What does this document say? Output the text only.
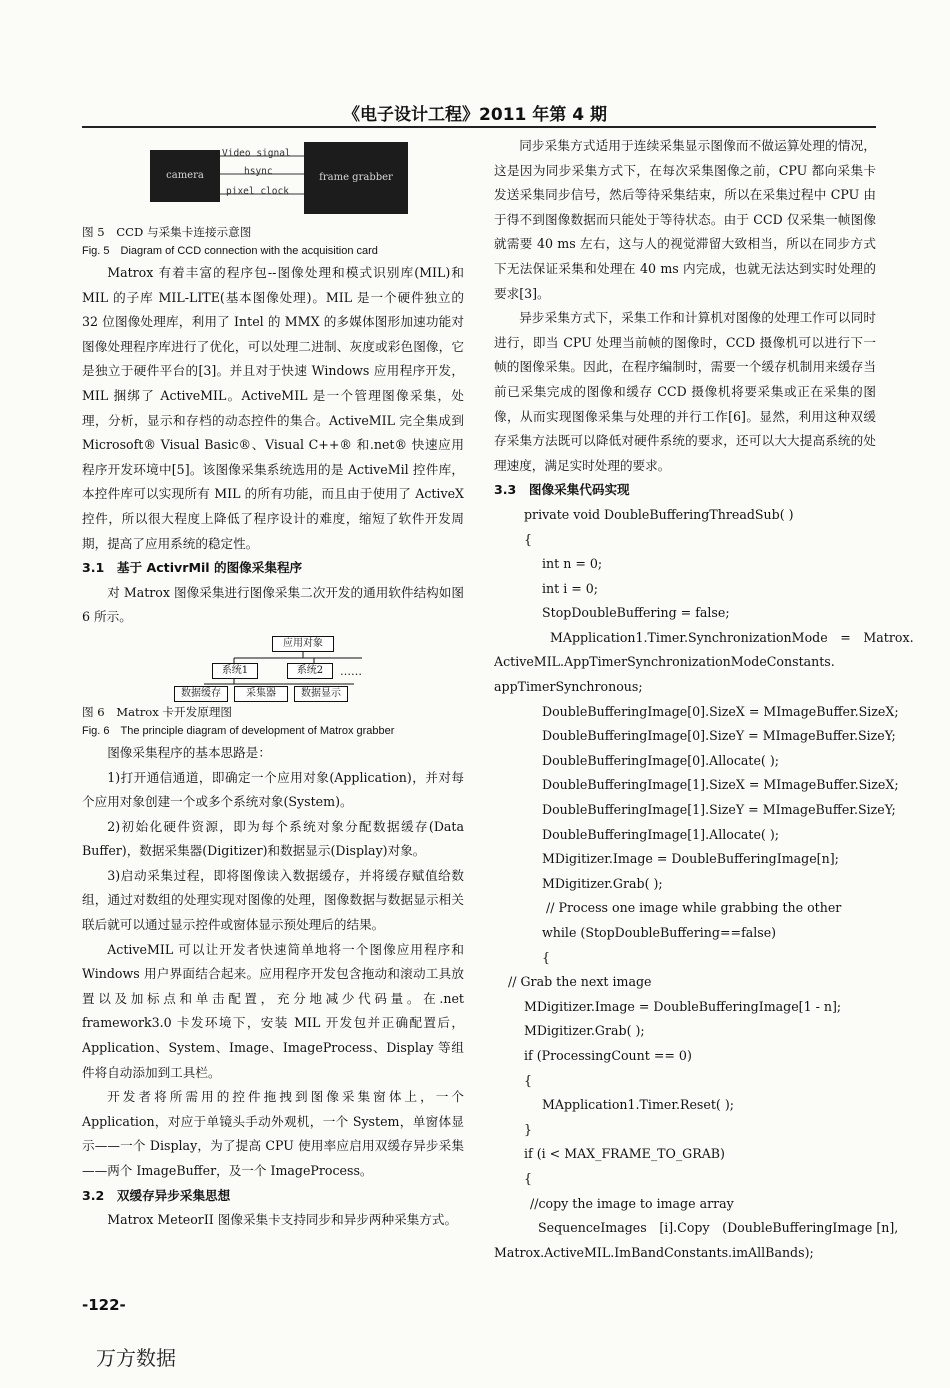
《电子设计工程》2011 年第 4 期
camera	frame grabber
Video signal
hsync
pixel clock

图 5　CCD 与采集卡连接示意图

Fig. 5　Diagram of CCD connection with the acquisition card

Matrox 有着丰富的程序包--图像处理和模式识别库(MIL)和 MIL 的子库 MIL-LITE(基本图像处理)。MIL 是一个硬件独立的 32 位图像处理库，利用了 Intel 的 MMX 的多媒体图形加速功能对图像处理程序库进行了优化，可以处理二进制、灰度或彩色图像，它是独立于硬件平台的[3]。并且对于快速 Windows 应用程序开发，MIL 捆绑了 ActiveMIL。ActiveMIL 是一个管理图像采集，处理，分析，显示和存档的动态控件的集合。ActiveMIL 完全集成到 Microsoft® Visual Basic®、Visual C++® 和.net® 快速应用程序开发环境中[5]。该图像采集系统选用的是 ActiveMil 控件库，本控件库可以实现所有 MIL 的所有功能，而且由于使用了 ActiveX 控件，所以很大程度上降低了程序设计的难度，缩短了软件开发周期，提高了应用系统的稳定性。

3.1　基于 ActivrMil 的图像采集程序

对 Matrox 图像采集进行图像采集二次开发的通用软件结构如图 6 所示。

应用对象
系统1	系统2	……
数据缓存	采集器	数据显示

图 6　Matrox 卡开发原理图

Fig. 6　The principle diagram of development of Matrox grabber

图像采集程序的基本思路是：

1)打开通信通道，即确定一个应用对象(Application)，并对每个应用对象创建一个或多个系统对象(System)。

2)初始化硬件资源，即为每个系统对象分配数据缓存(Data Buffer)，数据采集器(Digitizer)和数据显示(Display)对象。

3)启动采集过程，即将图像读入数据缓存，并将缓存赋值给数组，通过对数组的处理实现对图像的处理，图像数据与数据显示相关联后就可以通过显示控件或窗体显示预处理后的结果。

ActiveMIL 可以让开发者快速简单地将一个图像应用程序和 Windows 用户界面结合起来。应用程序开发包含拖动和滚动工具放置以及加标点和单击配置，充分地减少代码量。在.net framework3.0 卡发环境下，安装 MIL 开发包并正确配置后，Application、System、Image、ImageProcess、Display 等组件将自动添加到工具栏。

开发者将所需用的控件拖拽到图像采集窗体上，一个 Application，对应于单镜头手动外观机，一个 System，单窗体显示——一个 Display，为了提高 CPU 使用率应启用双缓存异步采集——两个 ImageBuffer，及一个 ImageProcess。

3.2　双缓存异步采集思想

Matrox MeteorII 图像采集卡支持同步和异步两种采集方式。

同步采集方式适用于连续采集显示图像而不做运算处理的情况，这是因为同步采集方式下，在每次采集图像之前，CPU 都向采集卡发送采集同步信号，然后等待采集结束，所以在采集过程中 CPU 由于得不到图像数据而只能处于等待状态。由于 CCD 仅采集一帧图像就需要 40 ms 左右，这与人的视觉滞留大致相当，所以在同步方式下无法保证采集和处理在 40 ms 内完成，也就无法达到实时处理的要求[3]。

异步采集方式下，采集工作和计算机对图像的处理工作可以同时进行，即当 CPU 处理当前帧的图像时，CCD 摄像机可以进行下一帧的图像采集。因此，在程序编制时，需要一个缓存机制用来缓存当前已采集完成的图像和缓存 CCD 摄像机将要采集或正在采集的图像，从而实现图像采集与处理的并行工作[6]。显然，利用这种双缓存采集方法既可以降低对硬件系统的要求，还可以大大提高系统的处理速度，满足实时处理的要求。

3.3　图像采集代码实现

private void DoubleBufferingThreadSub( )

{

int n = 0;

int i = 0;

StopDoubleBuffering = false;

MApplication1.Timer.SynchronizationMode　=　Matrox.

ActiveMIL.AppTimerSynchronizationModeConstants.

appTimerSynchronous;

DoubleBufferingImage[0].SizeX = MImageBuffer.SizeX;

DoubleBufferingImage[0].SizeY = MImageBuffer.SizeY;

DoubleBufferingImage[0].Allocate( );

DoubleBufferingImage[1].SizeX = MImageBuffer.SizeX;

DoubleBufferingImage[1].SizeY = MImageBuffer.SizeY;

DoubleBufferingImage[1].Allocate( );

MDigitizer.Image = DoubleBufferingImage[n];

MDigitizer.Grab( );

// Process one image while grabbing the other

while (StopDoubleBuffering==false)

{

// Grab the next image

MDigitizer.Image = DoubleBufferingImage[1 - n];

MDigitizer.Grab( );

if (ProcessingCount == 0)

{

MApplication1.Timer.Reset( );

}

if (i < MAX_FRAME_TO_GRAB)

{

//copy the image to image array

SequenceImages　[i].Copy　(DoubleBufferingImage [n],

Matrox.ActiveMIL.ImBandConstants.imAllBands);

-122-
万方数据
